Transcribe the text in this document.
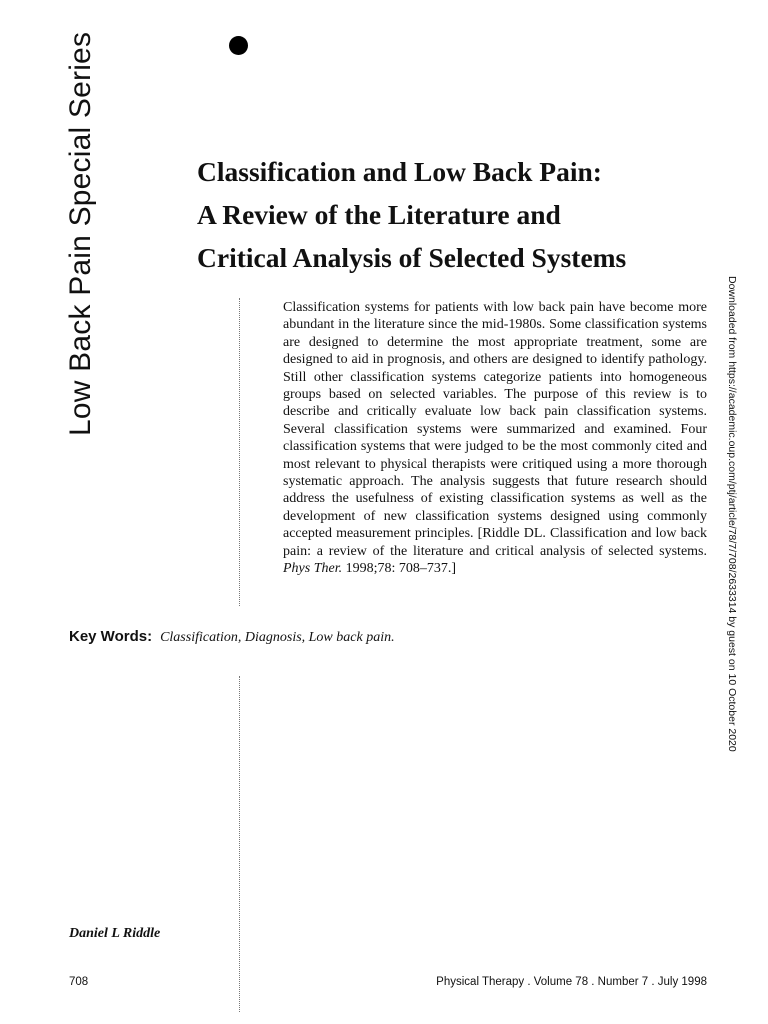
Low Back Pain Special Series	Classification and Low Back Pain:
A Review of the Literature and
Critical Analysis of Selected Systems
Classification systems for patients with low back pain have become more abundant in the literature since the mid-1980s. Some classification systems are designed to determine the most appropriate treatment, some are designed to aid in prognosis, and others are designed to identify pathology. Still other classification systems categorize patients into homogeneous groups based on selected variables. The purpose of this review is to describe and critically evaluate low back pain classification systems. Several classification systems were summarized and examined. Four classification systems that were judged to be the most commonly cited and most relevant to physical therapists were critiqued using a more thorough systematic approach. The analysis suggests that future research should address the usefulness of existing classification systems as well as the development of new classification systems designed using commonly accepted measurement principles. [Riddle DL. Classification and low back pain: a review of the literature and critical analysis of selected systems. Phys Ther. 1998;78: 708–737.]
Key Words: Classification, Diagnosis, Low back pain.
Daniel L Riddle
708	Physical Therapy . Volume 78 . Number 7 . July 1998
Downloaded from https://academic.oup.com/ptj/article/78/7/708/2633314 by guest on 10 October 2020
